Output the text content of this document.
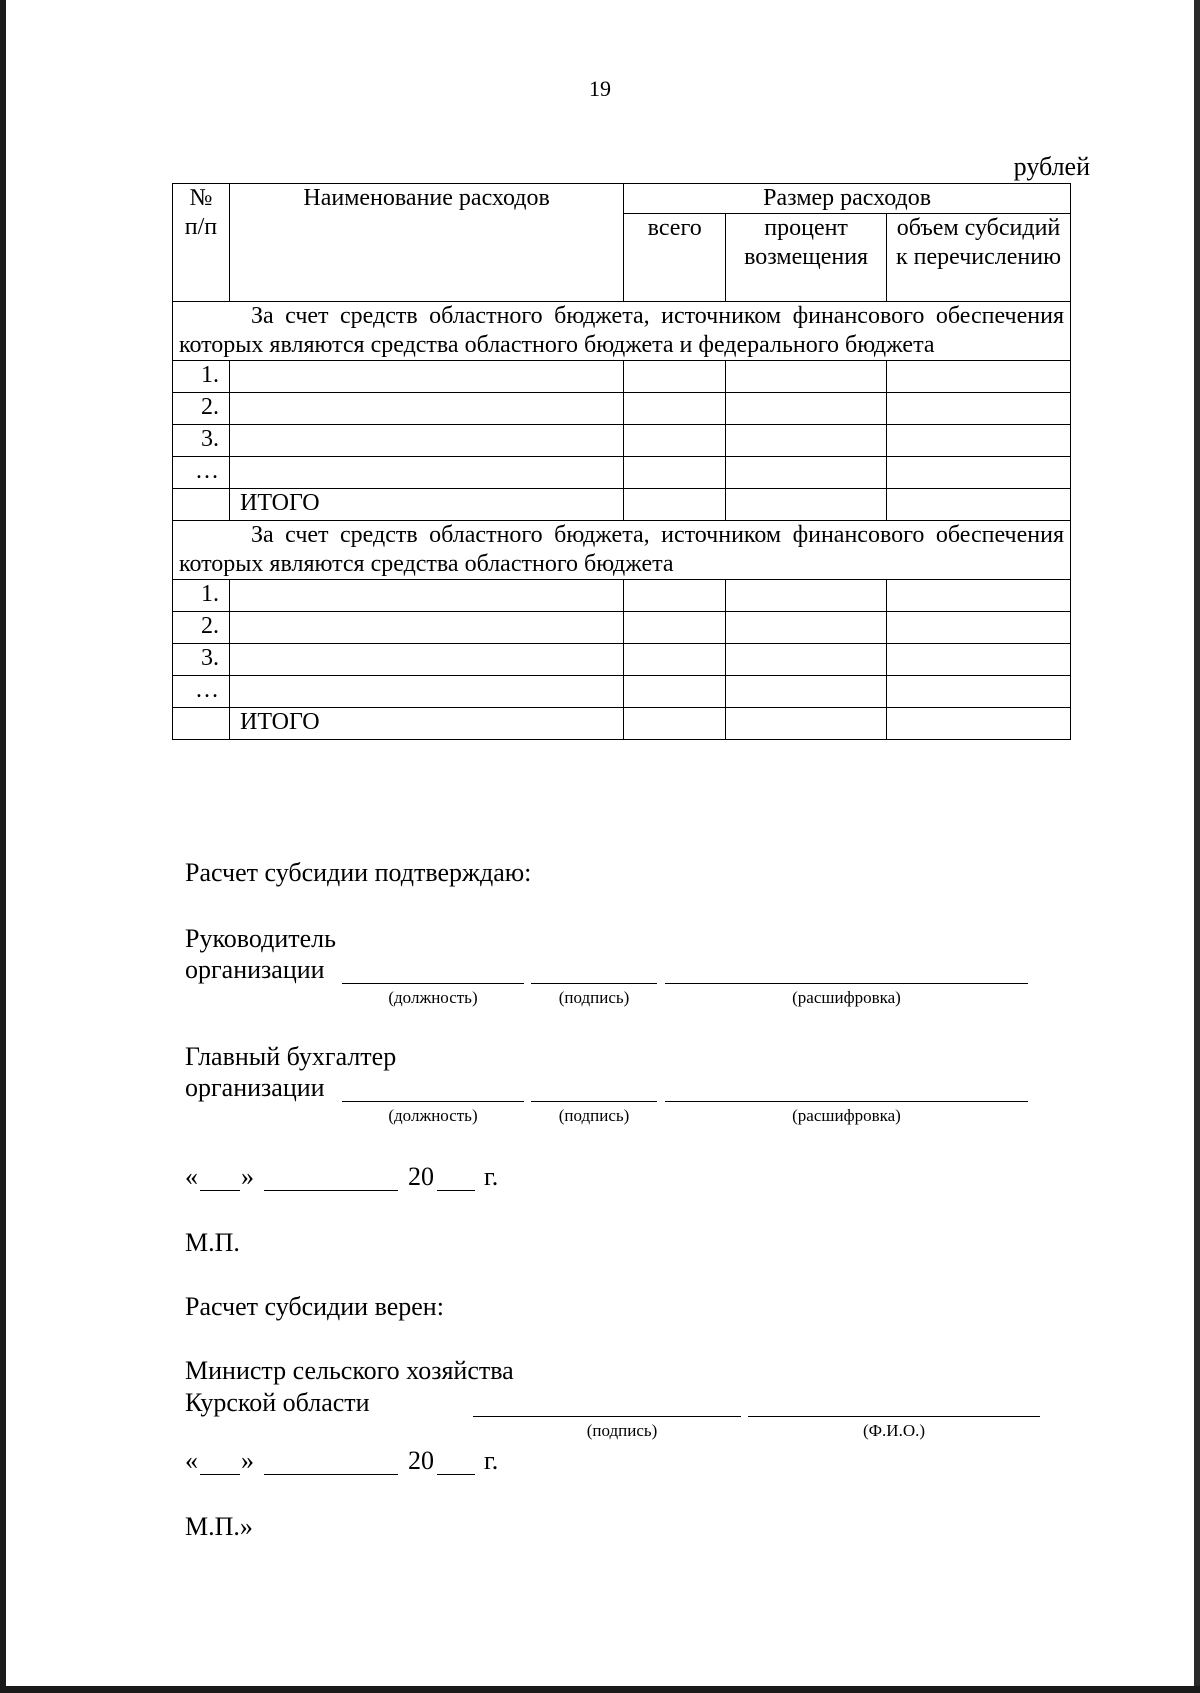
19
рублей
№ п/п	Наименование расходов	Размер расходов		
		всего	процент возмещения	объем субсидий к перечислению
За счет средств областного бюджета, источником финансового обеспечения которых являются средства областного бюджета и федерального бюджета				
1.				
2.				
3.				
…				
	ИТОГО			
За счет средств областного бюджета, источником финансового обеспечения которых являются средства областного бюджета				
1.				
2.				
3.				
…				
	ИТОГО			
Расчет субсидии подтверждаю:
Руководитель
организации
(должность)	(подпись)	(расшифровка)
Главный бухгалтер
организации
(должность)	(подпись)	(расшифровка)
« »	20 г.
М.П.
Расчет субсидии верен:
Министр сельского хозяйства
Курской области
(подпись)	(Ф.И.О.)
« »	20 г.
М.П.»
